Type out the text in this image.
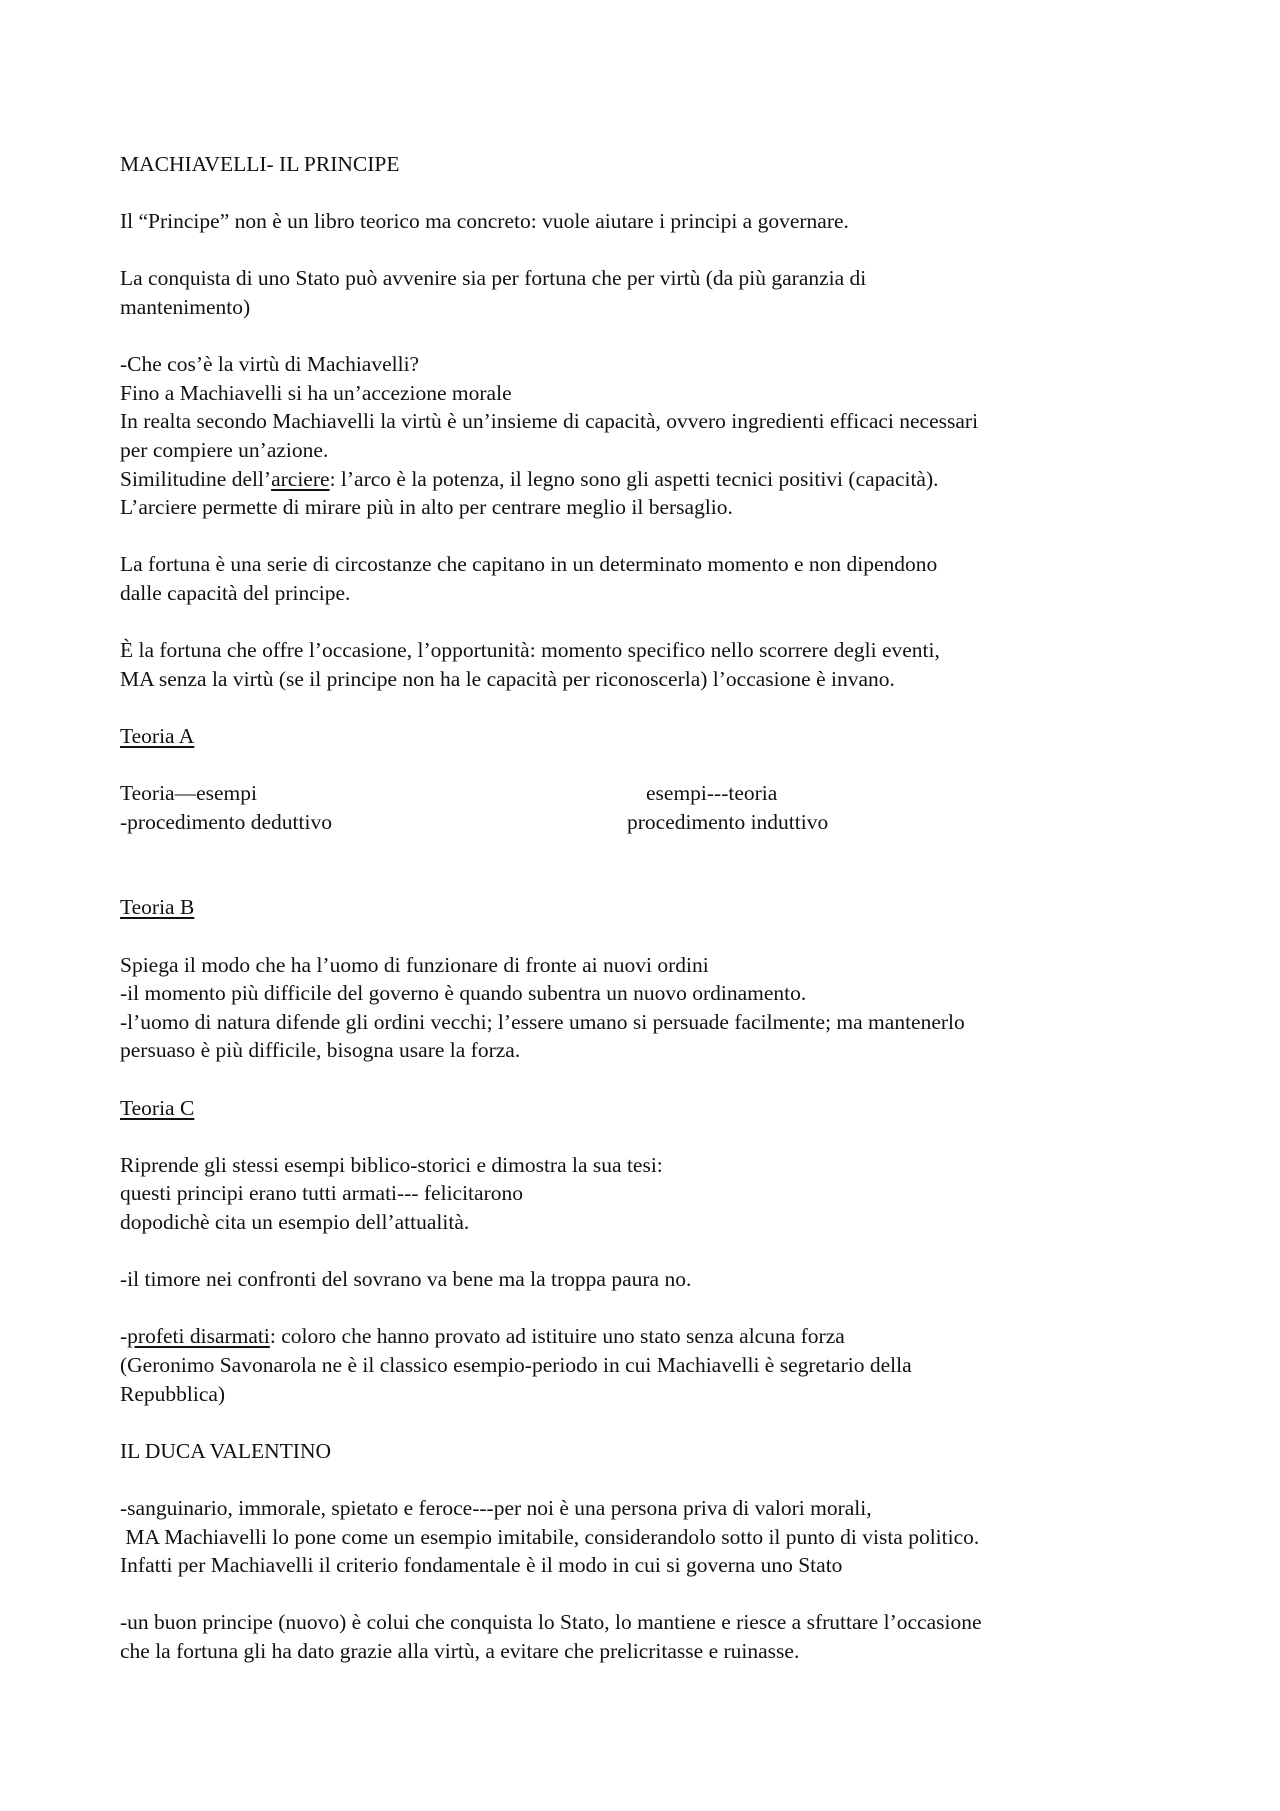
MACHIAVELLI- IL PRINCIPE
Il “Principe” non è un libro teorico ma concreto: vuole aiutare i principi a governare.
La conquista di uno Stato può avvenire sia per fortuna che per virtù (da più garanzia di
mantenimento)
-Che cos’è la virtù di Machiavelli?
Fino a Machiavelli si ha un’accezione morale
In realta secondo Machiavelli la virtù è un’insieme di capacità, ovvero ingredienti efficaci necessari
per compiere un’azione.
Similitudine dell’arciere: l’arco è la potenza, il legno sono gli aspetti tecnici positivi (capacità).
L’arciere permette di mirare più in alto per centrare meglio il bersaglio.
La fortuna è una serie di circostanze che capitano in un determinato momento e non dipendono
dalle capacità del principe.
È la fortuna che offre l’occasione, l’opportunità: momento specifico nello scorrere degli eventi,
MA senza la virtù (se il principe non ha le capacità per riconoscerla) l’occasione è invano.
Teoria A

Teoria—esempi

	esempi---teoria

-procedimento deduttivo

	procedimento induttivo

Teoria B
Spiega il modo che ha l’uomo di funzionare di fronte ai nuovi ordini
-il momento più difficile del governo è quando subentra un nuovo ordinamento.
-l’uomo di natura difende gli ordini vecchi; l’essere umano si persuade facilmente; ma mantenerlo
persuaso è più difficile, bisogna usare la forza.
Teoria C
Riprende gli stessi esempi biblico-storici e dimostra la sua tesi:
questi principi erano tutti armati--- felicitarono
dopodichè cita un esempio dell’attualità.
-il timore nei confronti del sovrano va bene ma la troppa paura no.
-profeti disarmati: coloro che hanno provato ad istituire uno stato senza alcuna forza
(Geronimo Savonarola ne è il classico esempio-periodo in cui Machiavelli è segretario della
Repubblica)
IL DUCA VALENTINO
-sanguinario, immorale, spietato e feroce---per noi è una persona priva di valori morali,
MA Machiavelli lo pone come un esempio imitabile, considerandolo sotto il punto di vista politico.
Infatti per Machiavelli il criterio fondamentale è il modo in cui si governa uno Stato
-un buon principe (nuovo) è colui che conquista lo Stato, lo mantiene e riesce a sfruttare l’occasione
che la fortuna gli ha dato grazie alla virtù, a evitare che prelicritasse e ruinasse.
